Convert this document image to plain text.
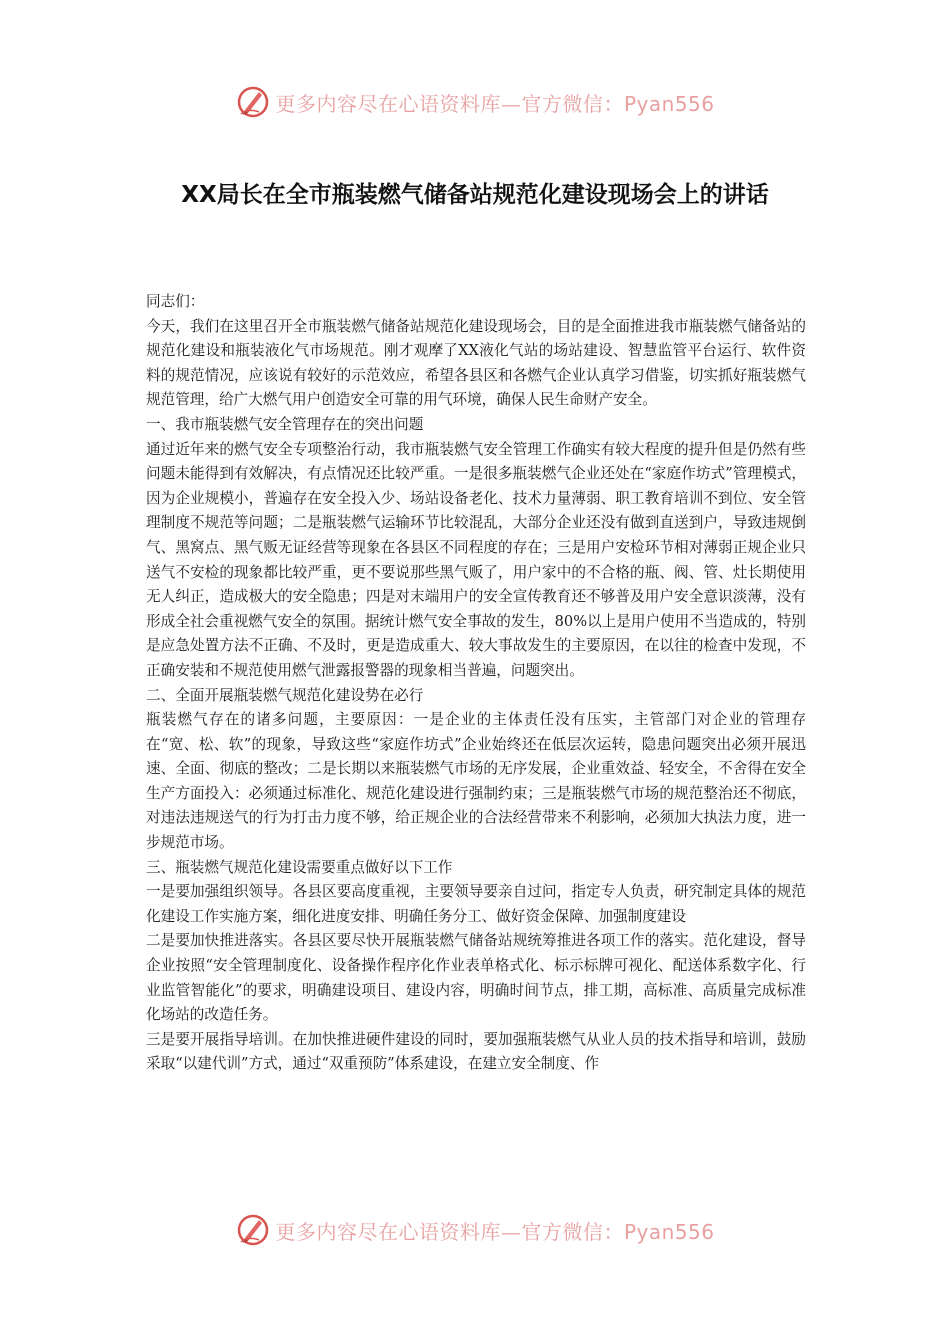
更多内容尽在心语资料库—官方微信：Pyan556
XX局长在全市瓶装燃气储备站规范化建设现场会上的讲话

同志们：

今天，我们在这里召开全市瓶装燃气储备站规范化建设现场会，目的是全面推进我市瓶装燃气储备站的规范化建设和瓶装液化气市场规范。刚才观摩了XX液化气站的场站建设、智慧监管平台运行、软件资料的规范情况，应该说有较好的示范效应，希望各县区和各燃气企业认真学习借鉴，切实抓好瓶装燃气规范管理，给广大燃气用户创造安全可靠的用气环境，确保人民生命财产安全。

一、我市瓶装燃气安全管理存在的突出问题

通过近年来的燃气安全专项整治行动，我市瓶装燃气安全管理工作确实有较大程度的提升但是仍然有些问题未能得到有效解决，有点情况还比较严重。一是很多瓶装燃气企业还处在“家庭作坊式”管理模式，因为企业规模小，普遍存在安全投入少、场站设备老化、技术力量薄弱、职工教育培训不到位、安全管理制度不规范等问题；二是瓶装燃气运输环节比较混乱，大部分企业还没有做到直送到户，导致违规倒气、黑窝点、黑气贩无证经营等现象在各县区不同程度的存在；三是用户安检环节相对薄弱正规企业只送气不安检的现象都比较严重，更不要说那些黑气贩了，用户家中的不合格的瓶、阀、管、灶长期使用无人纠正，造成极大的安全隐患；四是对末端用户的安全宣传教育还不够普及用户安全意识淡薄，没有形成全社会重视燃气安全的氛围。据统计燃气安全事故的发生，80%以上是用户使用不当造成的，特别是应急处置方法不正确、不及时，更是造成重大、较大事故发生的主要原因，在以往的检查中发现，不正确安装和不规范使用燃气泄露报警器的现象相当普遍，问题突出。

二、全面开展瓶装燃气规范化建设势在必行

瓶装燃气存在的诸多问题，主要原因：一是企业的主体责任没有压实，主管部门对企业的管理存在“宽、松、软”的现象，导致这些“家庭作坊式”企业始终还在低层次运转，隐患问题突出必须开展迅速、全面、彻底的整改；二是长期以来瓶装燃气市场的无序发展，企业重效益、轻安全，不舍得在安全生产方面投入：必须通过标准化、规范化建设进行强制约束；三是瓶装燃气市场的规范整治还不彻底，对违法违规送气的行为打击力度不够，给正规企业的合法经营带来不利影响，必须加大执法力度，进一步规范市场。

三、瓶装燃气规范化建设需要重点做好以下工作

一是要加强组织领导。各县区要高度重视，主要领导要亲自过问，指定专人负责，研究制定具体的规范化建设工作实施方案，细化进度安排、明确任务分工、做好资金保障、加强制度建设

二是要加快推进落实。各县区要尽快开展瓶装燃气储备站规统筹推进各项工作的落实。范化建设，督导企业按照“安全管理制度化、设备操作程序化作业表单格式化、标示标牌可视化、配送体系数字化、行业监管智能化”的要求，明确建设项目、建设内容，明确时间节点，排工期，高标准、高质量完成标准化场站的改造任务。

三是要开展指导培训。在加快推进硬件建设的同时，要加强瓶装燃气从业人员的技术指导和培训，鼓励采取“以建代训”方式，通过“双重预防”体系建设，在建立安全制度、作

更多内容尽在心语资料库—官方微信：Pyan556
